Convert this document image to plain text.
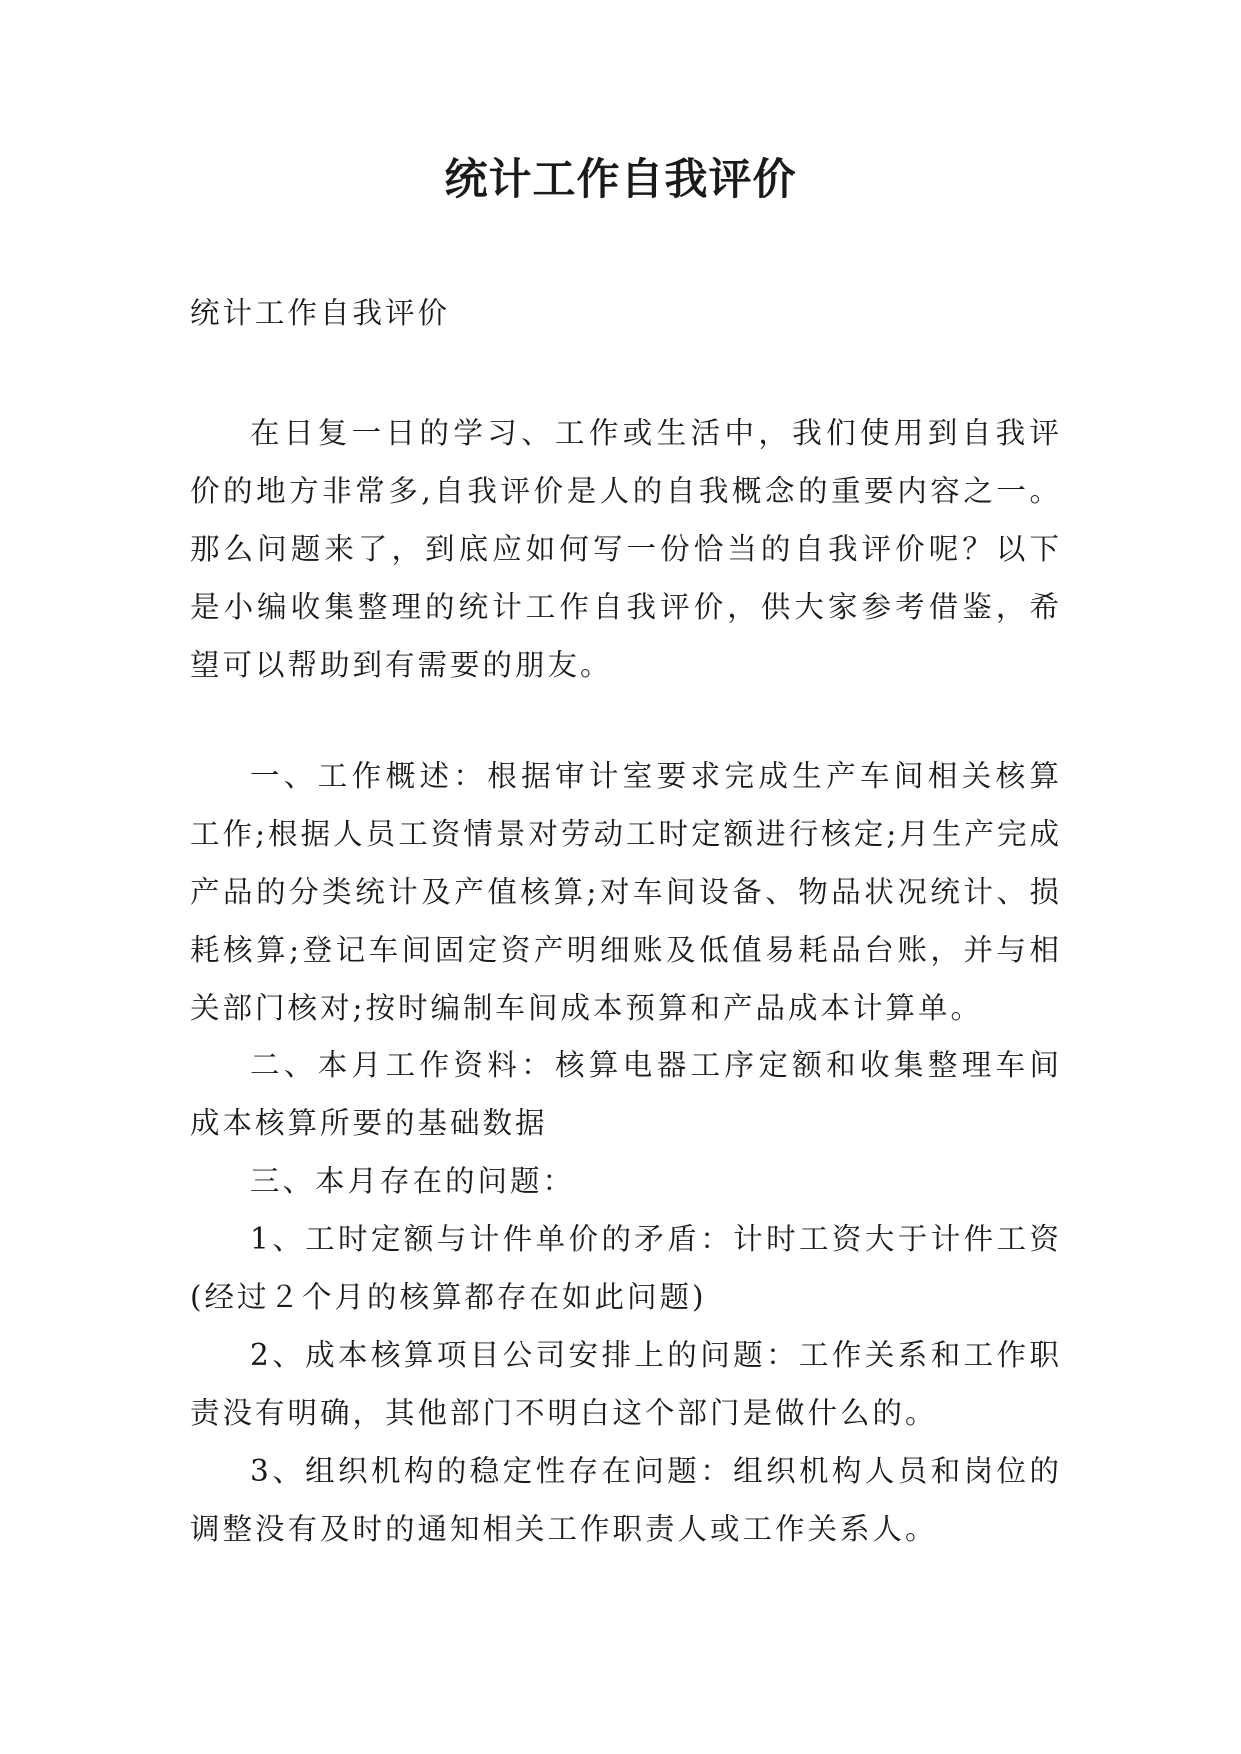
统计工作自我评价
统计工作自我评价
在日复一日的学习、工作或生活中，我们使用到自我评价的地方非常多,自我评价是人的自我概念的重要内容之一。那么问题来了，到底应如何写一份恰当的自我评价呢？以下是小编收集整理的统计工作自我评价，供大家参考借鉴，希望可以帮助到有需要的朋友。
一、工作概述：根据审计室要求完成生产车间相关核算工作;根据人员工资情景对劳动工时定额进行核定;月生产完成产品的分类统计及产值核算;对车间设备、物品状况统计、损耗核算;登记车间固定资产明细账及低值易耗品台账，并与相关部门核对;按时编制车间成本预算和产品成本计算单。
二、本月工作资料：核算电器工序定额和收集整理车间成本核算所要的基础数据
三、本月存在的问题：
1、工时定额与计件单价的矛盾：计时工资大于计件工资(经过２个月的核算都存在如此问题)
2、成本核算项目公司安排上的问题：工作关系和工作职责没有明确，其他部门不明白这个部门是做什么的。
3、组织机构的稳定性存在问题：组织机构人员和岗位的调整没有及时的通知相关工作职责人或工作关系人。
